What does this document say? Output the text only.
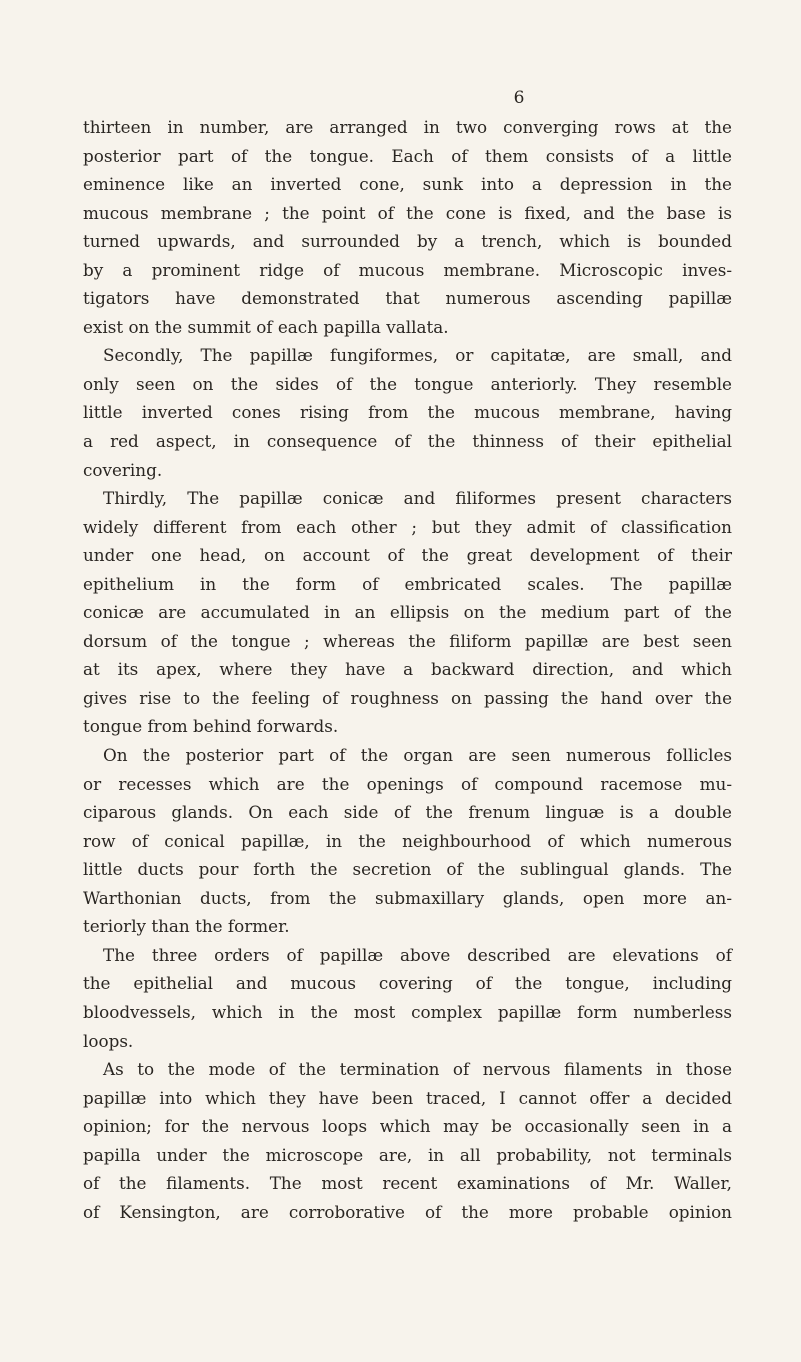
6
thirteen in number, are arranged in two converging rows at the
posterior part of the tongue. Each of them consists of a little
eminence like an inverted cone, sunk into a depression in the
mucous membrane ; the point of the cone is fixed, and the base is
turned upwards, and surrounded by a trench, which is bounded
by a prominent ridge of mucous membrane. Microscopic inves-
tigators have demonstrated that numerous ascending papillæ
exist on the summit of each papilla vallata.
Secondly, The papillæ fungiformes, or capitatæ, are small, and
only seen on the sides of the tongue anteriorly. They resemble
little inverted cones rising from the mucous membrane, having
a red aspect, in consequence of the thinness of their epithelial
covering.
Thirdly, The papillæ conicæ and filiformes present characters
widely different from each other ; but they admit of classification
under one head, on account of the great development of their
epithelium in the form of embricated scales. The papillæ
conicæ are accumulated in an ellipsis on the medium part of the
dorsum of the tongue ; whereas the filiform papillæ are best seen
at its apex, where they have a backward direction, and which
gives rise to the feeling of roughness on passing the hand over the
tongue from behind forwards.
On the posterior part of the organ are seen numerous follicles
or recesses which are the openings of compound racemose mu-
ciparous glands. On each side of the frenum linguæ is a double
row of conical papillæ, in the neighbourhood of which numerous
little ducts pour forth the secretion of the sublingual glands. The
Warthonian ducts, from the submaxillary glands, open more an-
teriorly than the former.
The three orders of papillæ above described are elevations of
the epithelial and mucous covering of the tongue, including
bloodvessels, which in the most complex papillæ form numberless
loops.
As to the mode of the termination of nervous filaments in those
papillæ into which they have been traced, I cannot offer a decided
opinion; for the nervous loops which may be occasionally seen in a
papilla under the microscope are, in all probability, not terminals
of the filaments. The most recent examinations of Mr. Waller,
of Kensington, are corroborative of the more probable opinion
